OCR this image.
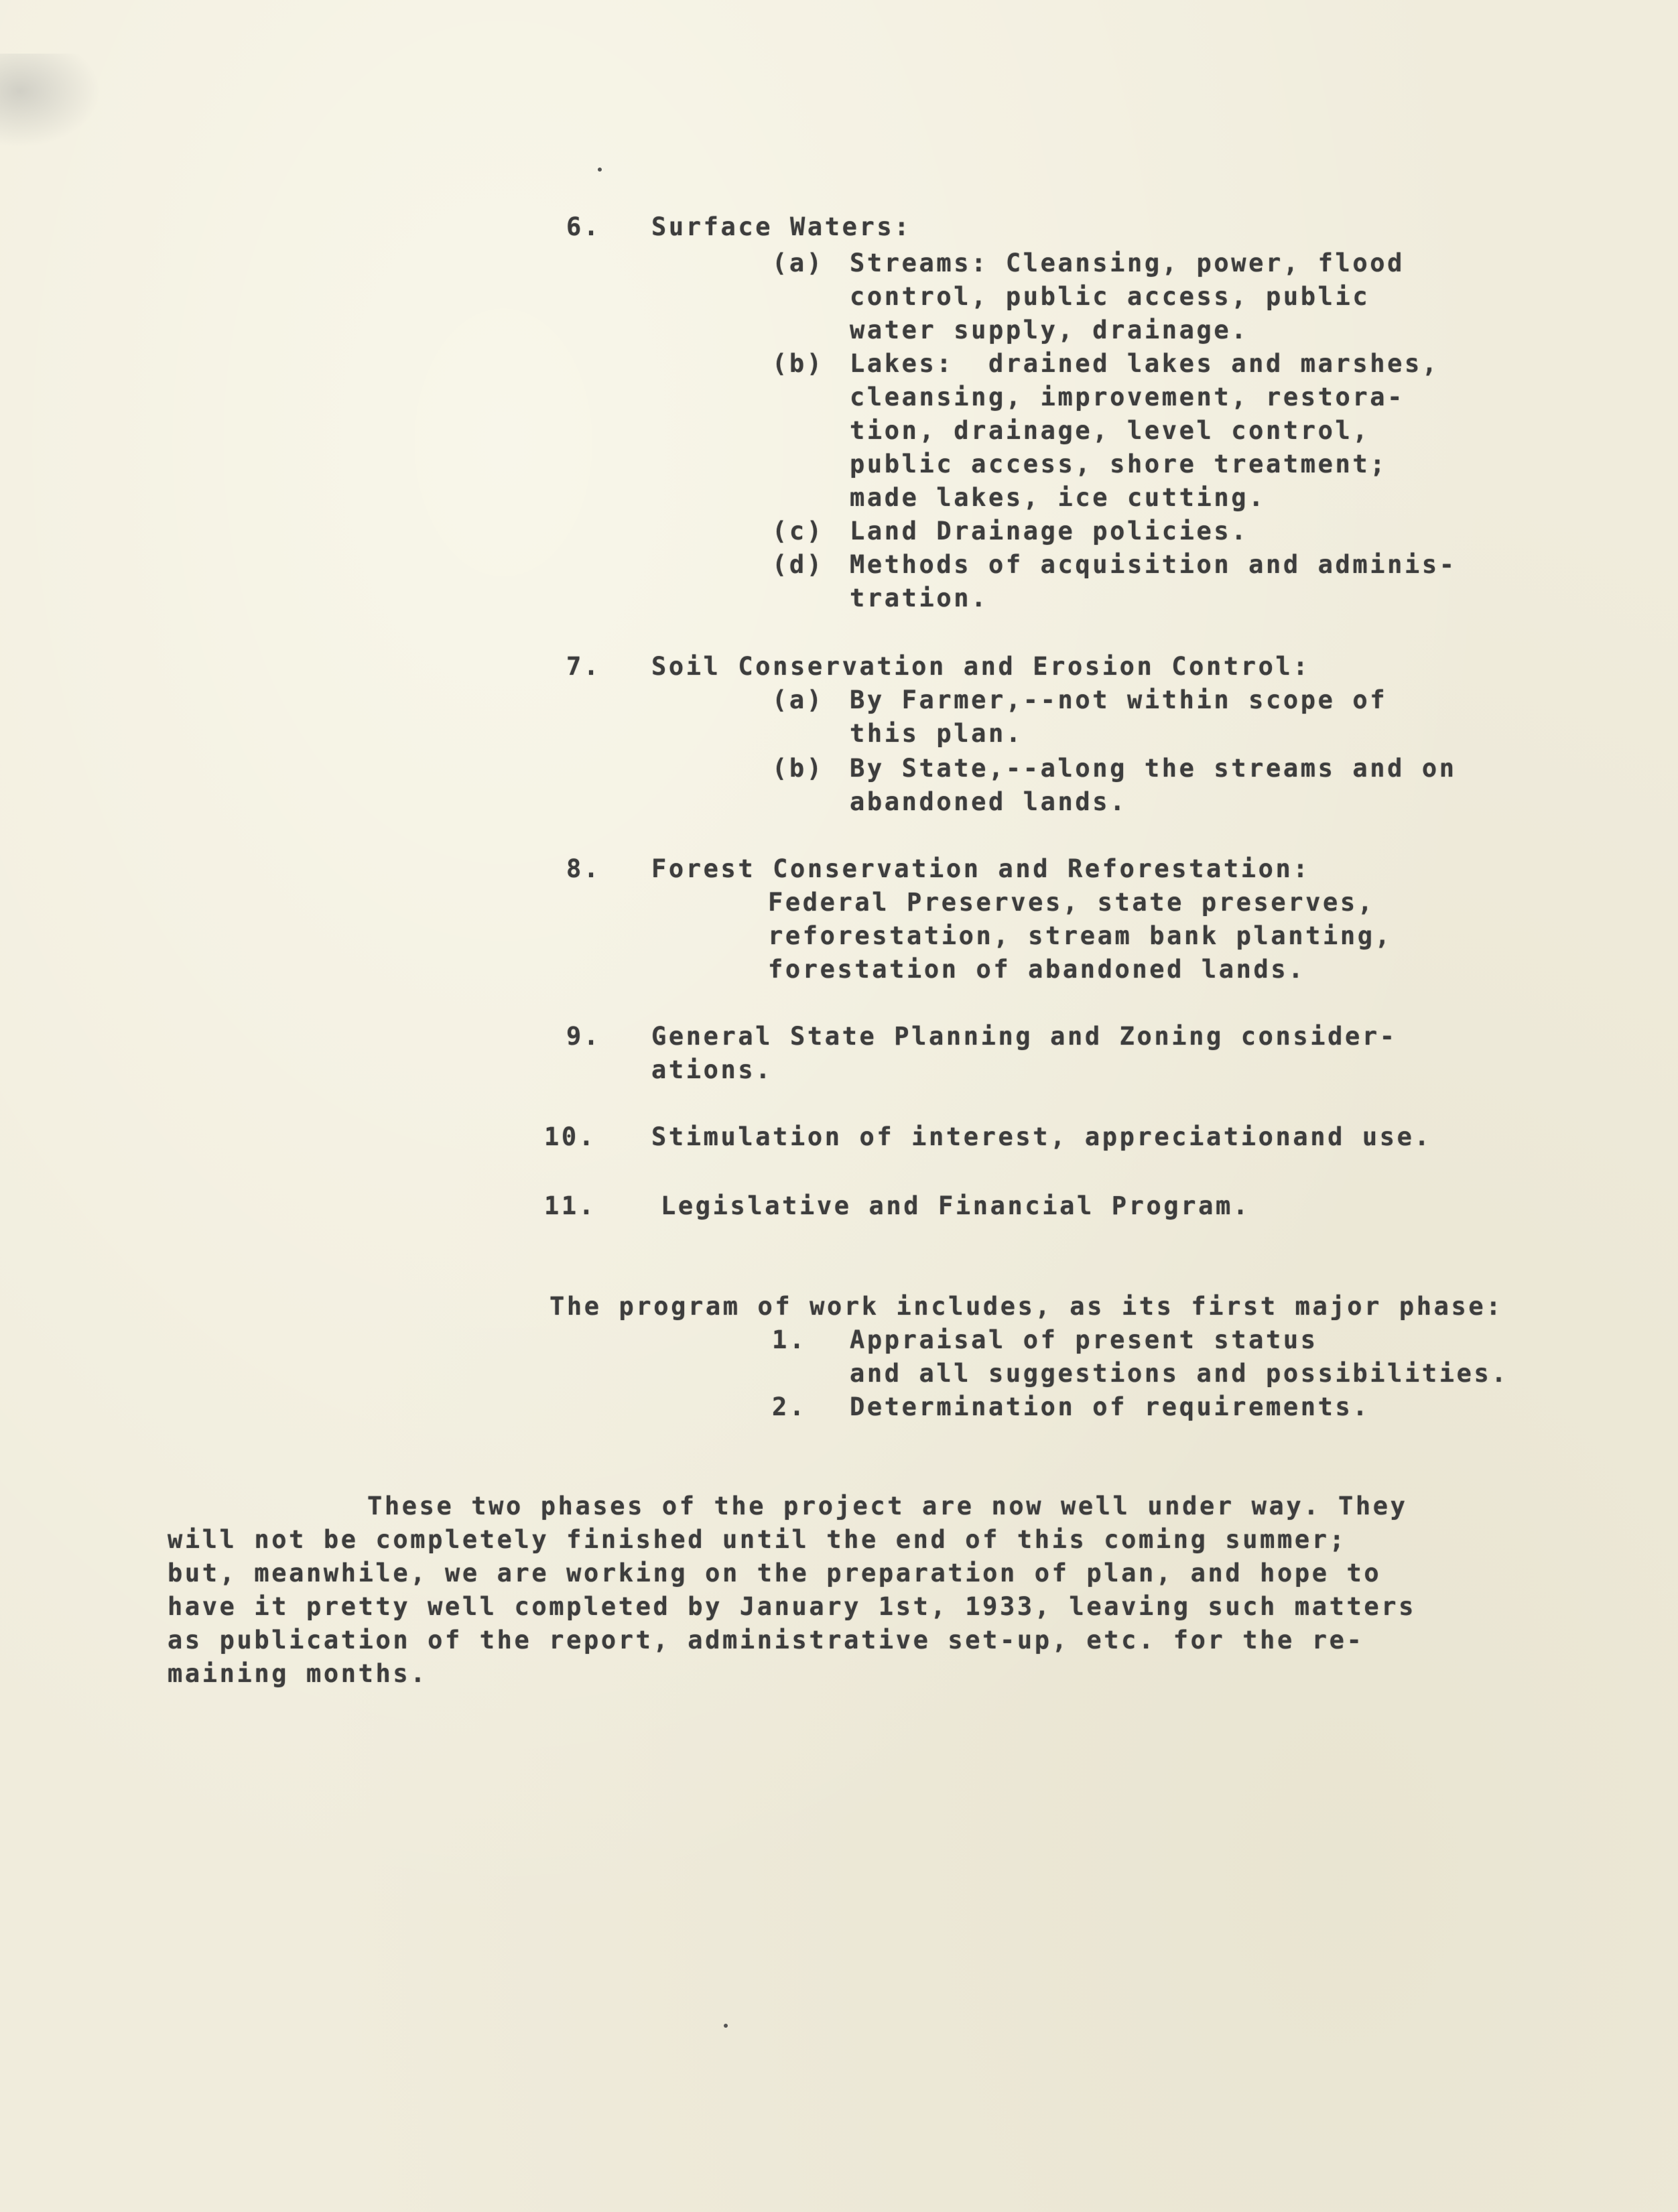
6. Surface Waters:
(a) Streams: Cleansing, power, flood
control, public access, public
water supply, drainage.
(b) Lakes:  drained lakes and marshes,
cleansing, improvement, restora-
tion, drainage, level control,
public access, shore treatment;
made lakes, ice cutting.
(c) Land Drainage policies.
(d) Methods of acquisition and adminis-
tration.
7. Soil Conservation and Erosion Control:
(a) By Farmer,--not within scope of
this plan.
(b) By State,--along the streams and on
abandoned lands.
8. Forest Conservation and Reforestation:
Federal Preserves, state preserves,
reforestation, stream bank planting,
forestation of abandoned lands.
9. General State Planning and Zoning consider-
ations.
10. Stimulation of interest, appreciationand use.
11.	Legislative and Financial Program.
The program of work includes, as its first major phase:
1. Appraisal of present status
and all suggestions and possibilities.
2. Determination of requirements.
These two phases of the project are now well under way. They
will not be completely finished until the end of this coming summer;
but, meanwhile, we are working on the preparation of plan, and hope to
have it pretty well completed by January 1st, 1933, leaving such matters
as publication of the report, administrative set-up, etc. for the re-
maining months.
